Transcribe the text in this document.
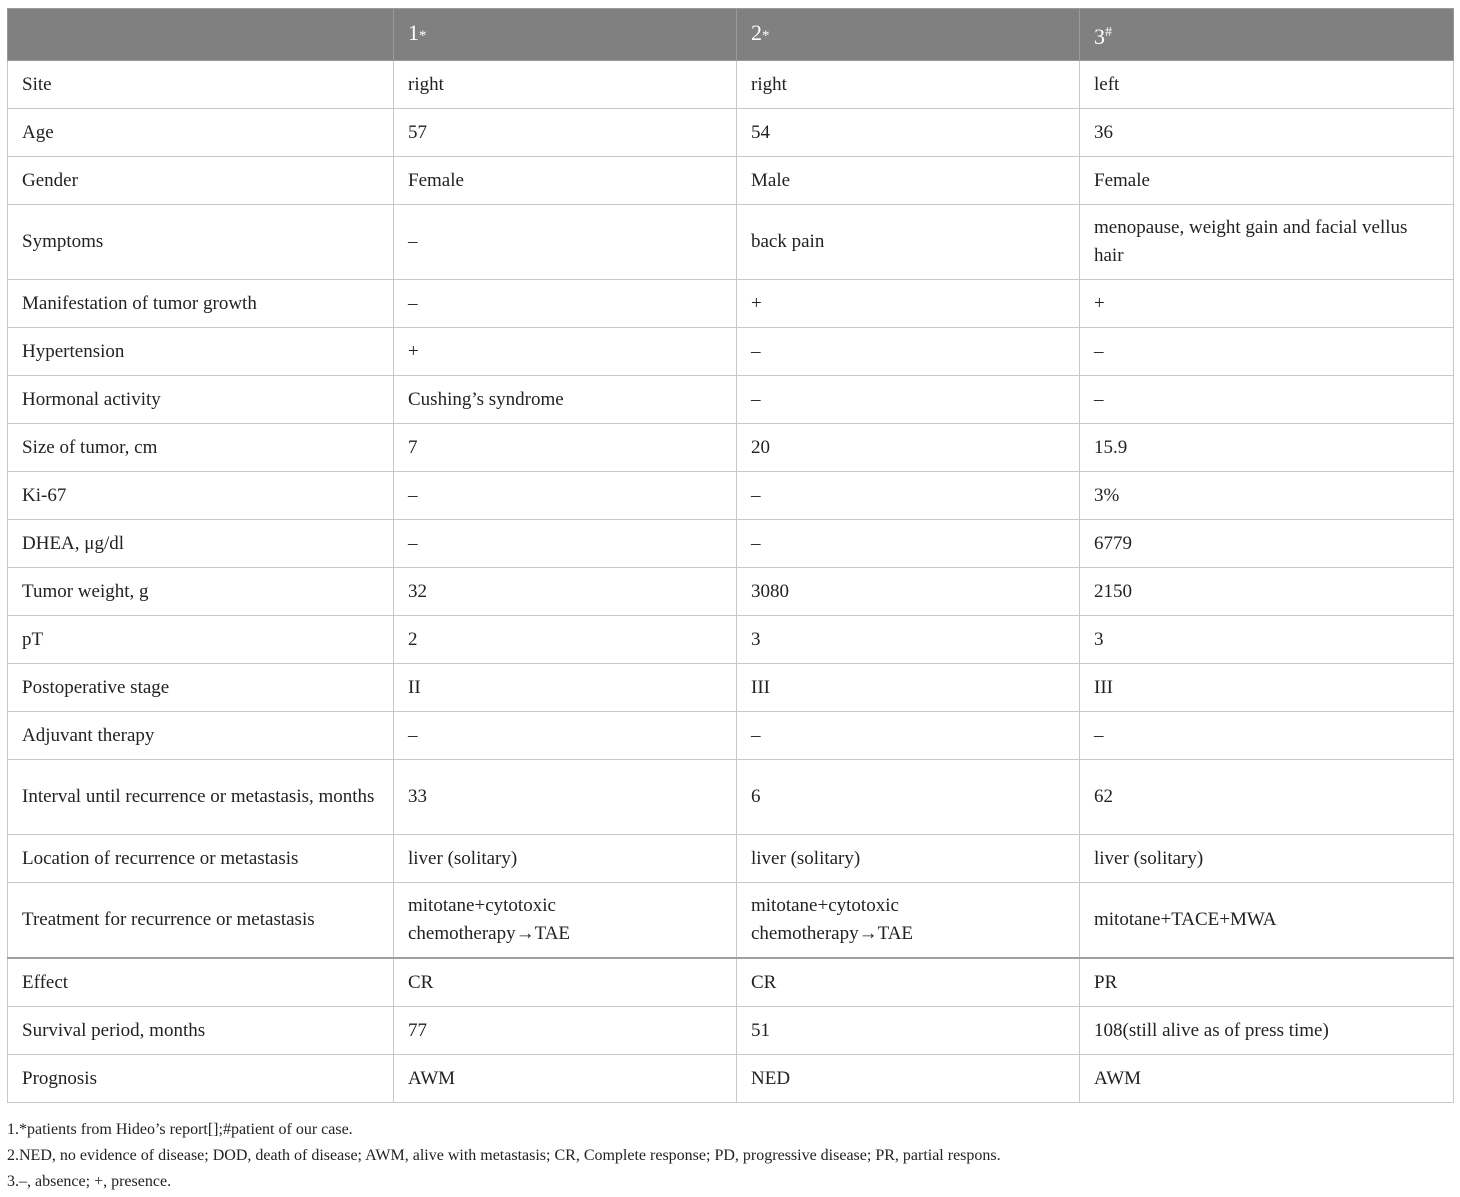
	1*	2*	3#
Site	right	right	left
Age	57	54	36
Gender	Female	Male	Female
Symptoms	–	back pain	menopause, weight gain and facial vellus hair
Manifestation of tumor growth	–	+	+
Hypertension	+	–	–
Hormonal activity	Cushing’s syndrome	–	–
Size of tumor, cm	7	20	15.9
Ki-67	–	–	3%
DHEA, μg/dl	–	–	6779
Tumor weight, g	32	3080	2150
pT	2	3	3
Postoperative stage	II	III	III
Adjuvant therapy	–	–	–
Interval until recurrence or metastasis, months	33	6	62
Location of recurrence or metastasis	liver (solitary)	liver (solitary)	liver (solitary)
Treatment for recurrence or metastasis	mitotane+cytotoxic chemotherapy→TAE	mitotane+cytotoxic chemotherapy→TAE	mitotane+TACE+MWA
Effect	CR	CR	PR
Survival period, months	77	51	108(still alive as of press time)
Prognosis	AWM	NED	AWM
1.*patients from Hideo’s report[];#patient of our case.
2.NED, no evidence of disease; DOD, death of disease; AWM, alive with metastasis; CR, Complete response; PD, progressive disease; PR, partial respons.
3.–, absence; +, presence.
